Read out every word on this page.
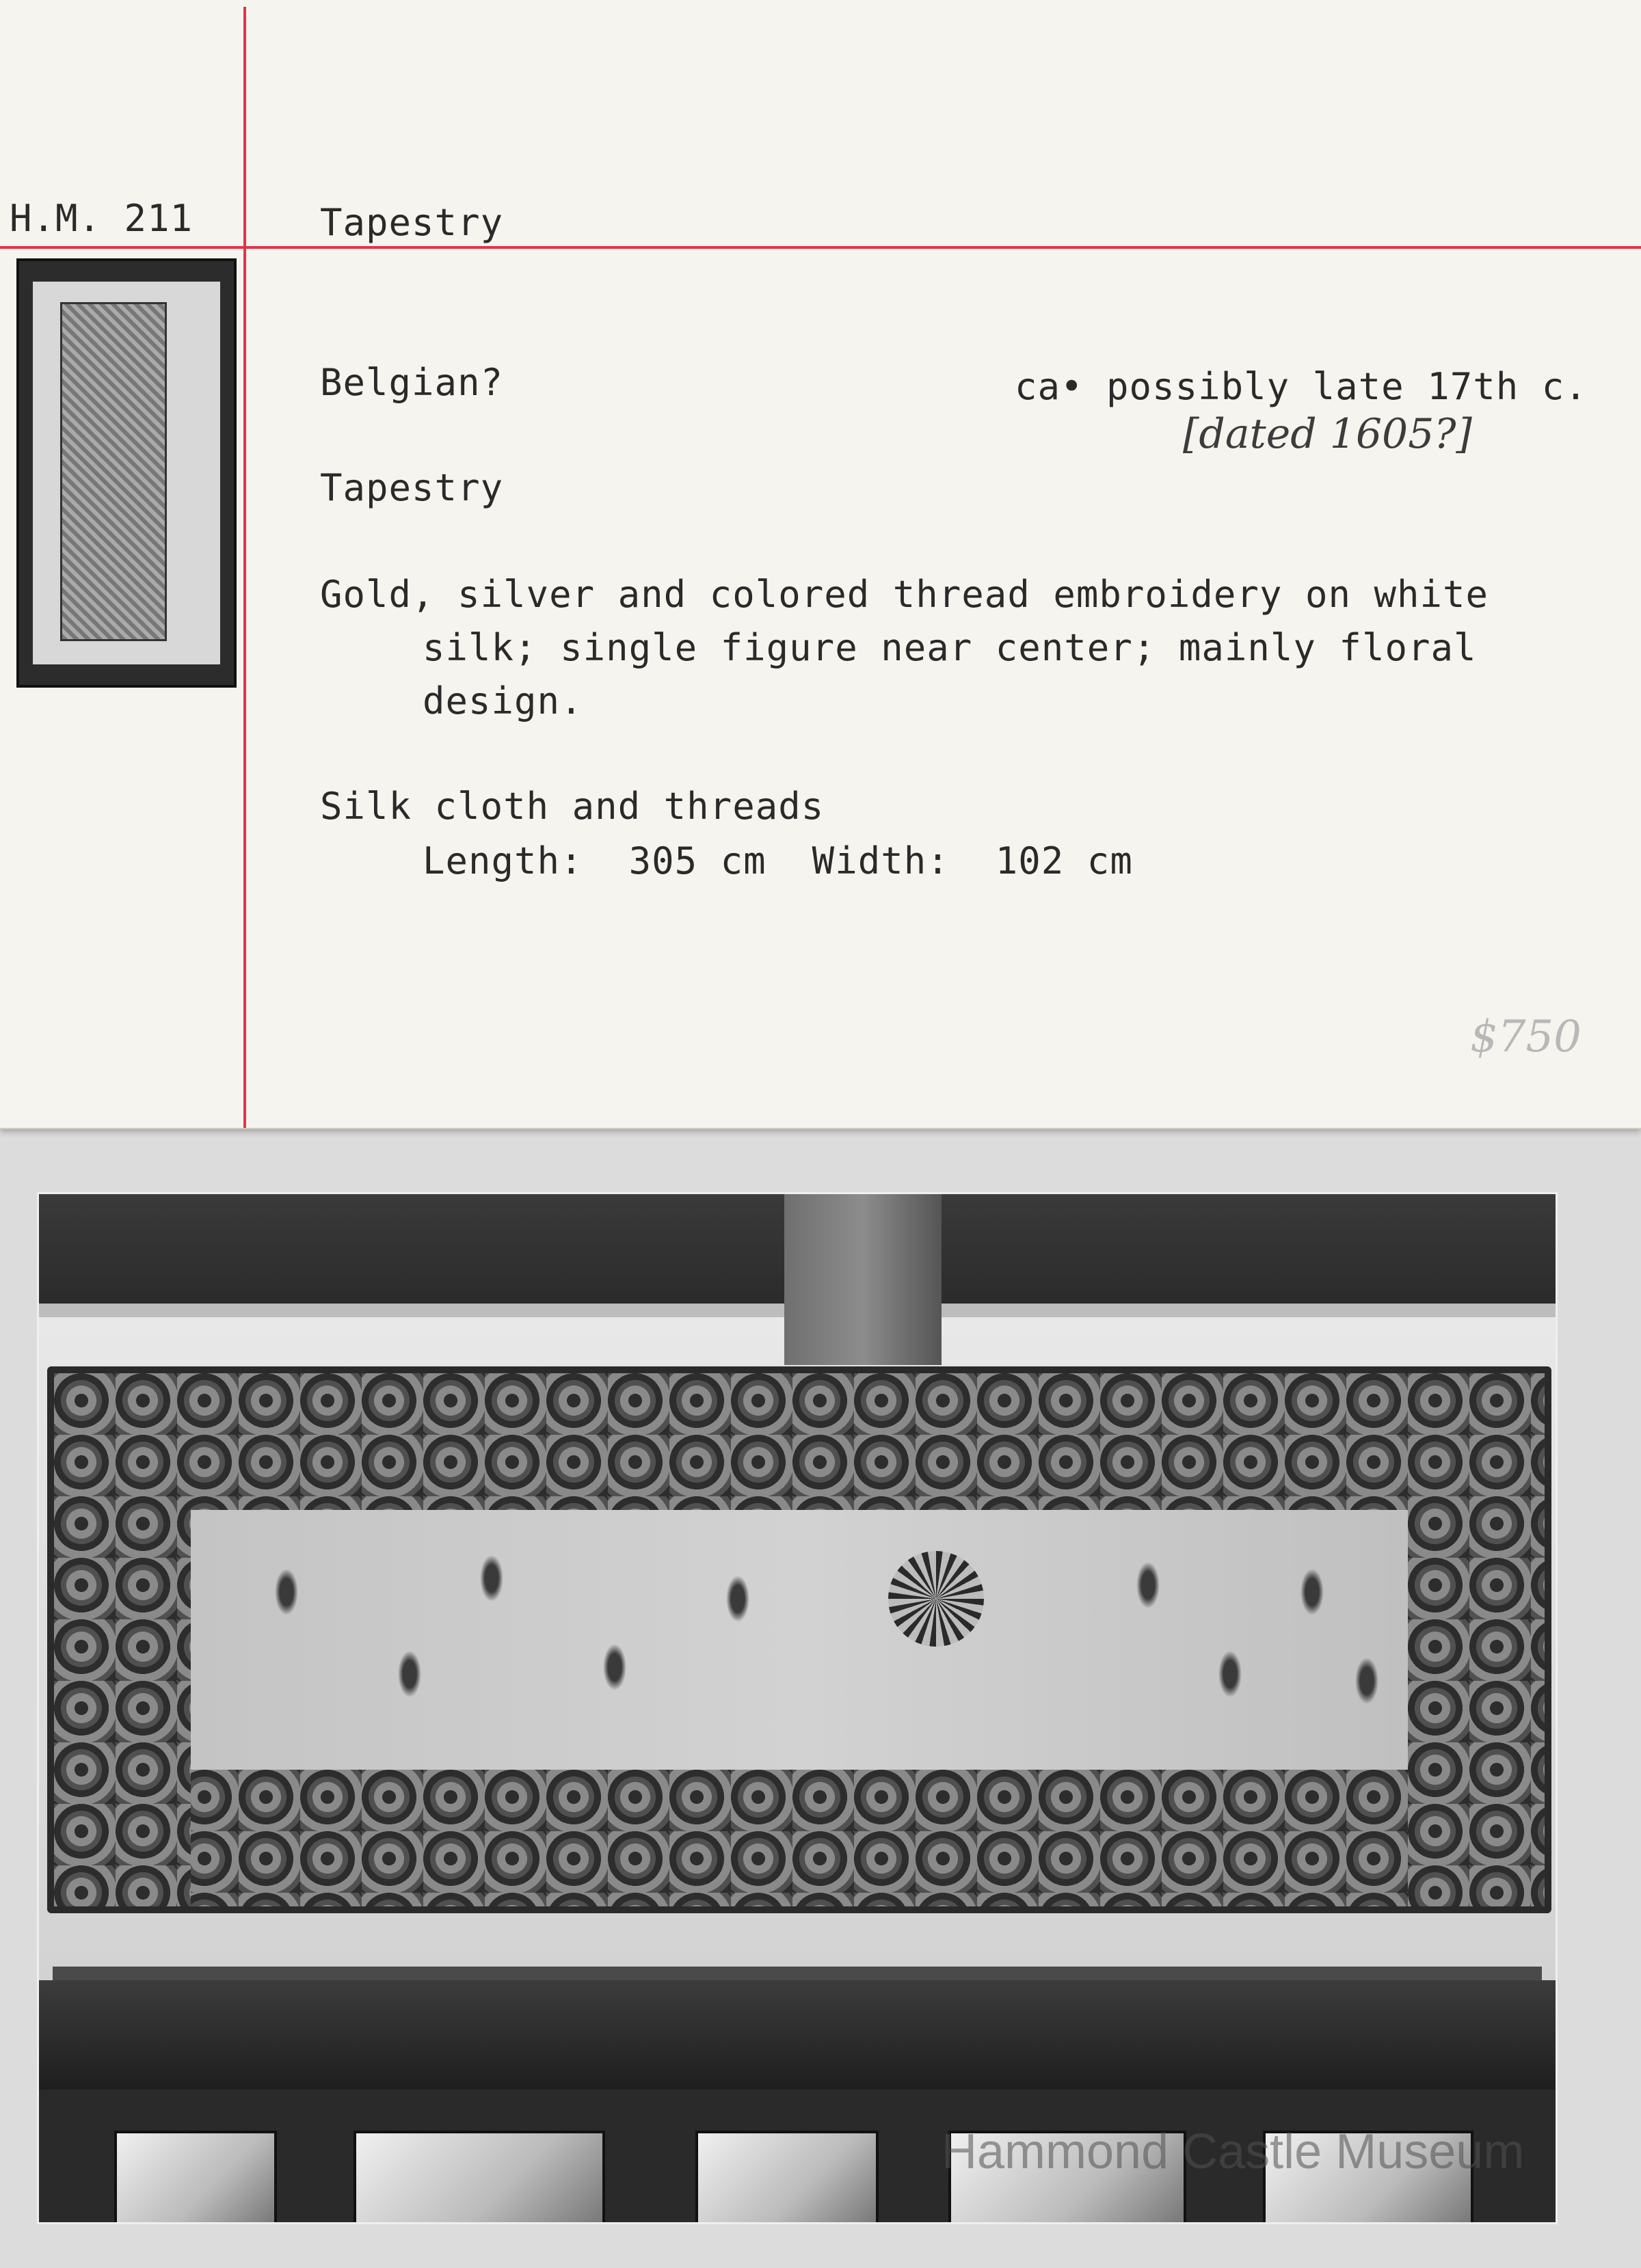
H.M. 211	Tapestry
Belgian?	ca• possibly late 17th c.
[dated 1605?]
Tapestry
Gold, silver and colored thread embroidery on white
silk; single figure near center; mainly floral
design.
Silk cloth and threads
Length:  305 cm  Width:  102 cm
$750
Hammond Castle Museum
